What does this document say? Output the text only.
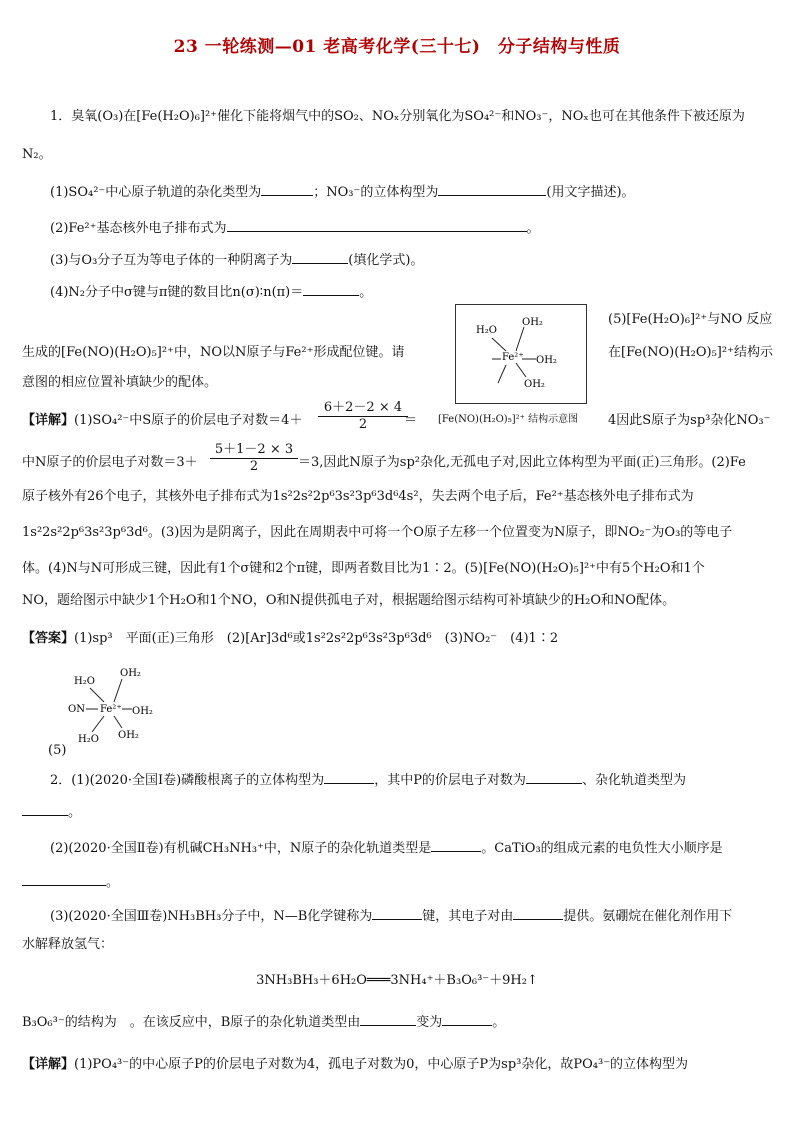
23 一轮练测—01 老高考化学(三十七)　分子结构与性质
1．臭氧(O₃)在[Fe(H₂O)₆]²⁺催化下能将烟气中的SO₂、NOₓ分别氧化为SO₄²⁻和NO₃⁻，NOₓ也可在其他条件下被还原为
N₂。
(1)SO₄²⁻中心原子轨道的杂化类型为	；NO₃⁻的立体构型为	(用文字描述)。
(2)Fe²⁺基态核外电子排布式为	。
(3)与O₃分子互为等电子体的一种阴离子为	(填化学式)。
(4)N₂分子中σ键与π键的数目比n(σ)∶n(π)＝	。
(5)[Fe(H₂O)₆]²⁺与NO 反应
生成的[Fe(NO)(H₂O)₅]²⁺中，NO以N原子与Fe²⁺形成配位键。请	在[Fe(NO)(H₂O)₅]²⁺结构示
意图的相应位置补填缺少的配体。
H₂O
OH₂
Fe²⁺ OH₂
OH₂
[Fe(NO)(H₂O)₅]²⁺ 结构示意图
【详解】(1)SO₄²⁻中S原子的价层电子对数＝4＋
6＋2－2 × 4
2	＝	4因此S原子为sp³杂化NO₃⁻
中N原子的价层电子对数＝3＋
5＋1－2 × 3
2	＝3,因此N原子为sp²杂化,无孤电子对,因此立体构型为平面(正)三角形。(2)Fe
原子核外有26个电子，其核外电子排布式为1s²2s²2p⁶3s²3p⁶3d⁶4s²，失去两个电子后，Fe²⁺基态核外电子排布式为
1s²2s²2p⁶3s²3p⁶3d⁶。(3)因为是阴离子，因此在周期表中可将一个O原子左移一个位置变为N原子，即NO₂⁻为O₃的等电子
体。(4)N与N可形成三键，因此有1个σ键和2个π键，即两者数目比为1∶2。(5)[Fe(NO)(H₂O)₅]²⁺中有5个H₂O和1个
NO，题给图示中缺少1个H₂O和1个NO，O和N提供孤电子对，根据题给图示结构可补填缺少的H₂O和NO配体。
【答案】(1)sp³　平面(正)三角形　(2)[Ar]3d⁶或1s²2s²2p⁶3s²3p⁶3d⁶　(3)NO₂⁻　(4)1∶2
H₂O
OH₂
ON Fe²⁺ OH₂
H₂O OH₂
(5)
2．(1)(2020·全国Ⅰ卷)磷酸根离子的立体构型为	，其中P的价层电子对数为	、杂化轨道类型为
。
(2)(2020·全国Ⅱ卷)有机碱CH₃NH₃⁺中，N原子的杂化轨道类型是	。CaTiO₃的组成元素的电负性大小顺序是
。
(3)(2020·全国Ⅲ卷)NH₃BH₃分子中，N—B化学键称为	键，其电子对由	提供。氨硼烷在催化剂作用下
水解释放氢气：
3NH₃BH₃＋6H₂O═══3NH₄⁺＋B₃O₆³⁻＋9H₂↑
B₃O₆³⁻的结构为　。在该反应中，B原子的杂化轨道类型由	变为	。
【详解】(1)PO₄³⁻的中心原子P的价层电子对数为4，孤电子对数为0，中心原子P为sp³杂化，故PO₄³⁻的立体构型为
